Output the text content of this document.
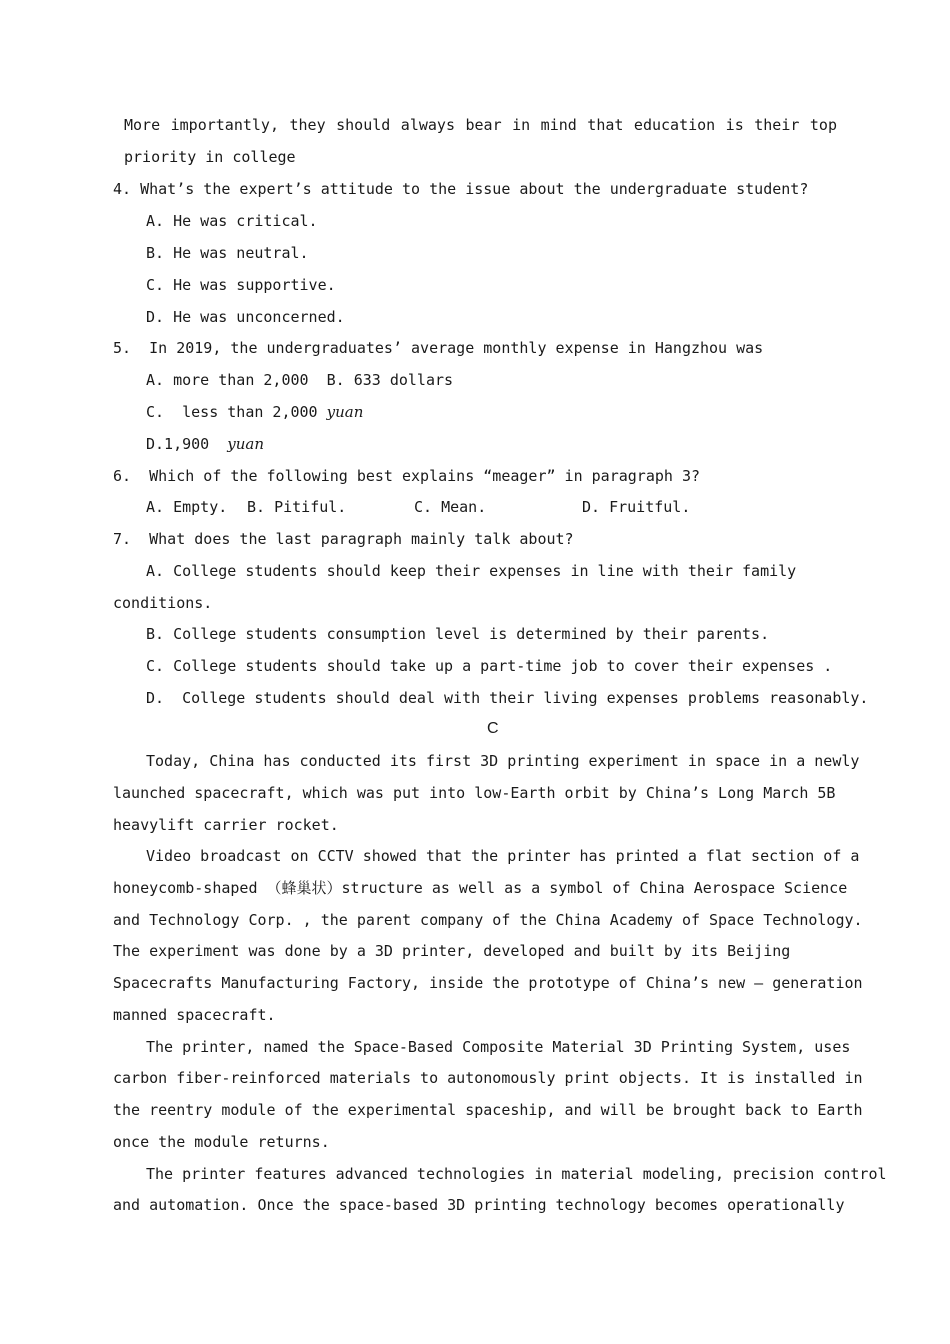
More importantly, they should always bear in mind that education is their top
priority in college
4. What’s the expert’s attitude to the issue about the undergraduate student?
A. He was critical.
B. He was neutral.
C. He was supportive.
D. He was unconcerned.
5.  In 2019, the undergraduates’ average monthly expense in Hangzhou was
A. more than 2,000  B. 633 dollars
C.  less than 2,000 yuan
D.1,900  yuan
6.  Which of the following best explains “meager” in paragraph 3?
A. Empty. B. Pitiful.	C. Mean.	D. Fruitful.
7.  What does the last paragraph mainly talk about?
A. College students should keep their expenses in line with their family
conditions.
B. College students consumption level is determined by their parents.
C. College students should take up a part-time job to cover their expenses .
D.  College students should deal with their living expenses problems reasonably.
C
Today, China has conducted its first 3D printing experiment in space in a newly
launched spacecraft, which was put into low-Earth orbit by China’s Long March 5B
heavylift carrier rocket.
Video broadcast on CCTV showed that the printer has printed a flat section of a
honeycomb-shaped （蜂巢状）structure as well as a symbol of China Aerospace Science
and Technology Corp. , the parent company of the China Academy of Space Technology.
The experiment was done by a 3D printer, developed and built by its Beijing
Spacecrafts Manufacturing Factory, inside the prototype of China’s new — generation
manned spacecraft.
The printer, named the Space-Based Composite Material 3D Printing System, uses
carbon fiber-reinforced materials to autonomously print objects. It is installed in
the reentry module of the experimental spaceship, and will be brought back to Earth
once the module returns.
The printer features advanced technologies in material modeling, precision control
and automation. Once the space-based 3D printing technology becomes operationally
